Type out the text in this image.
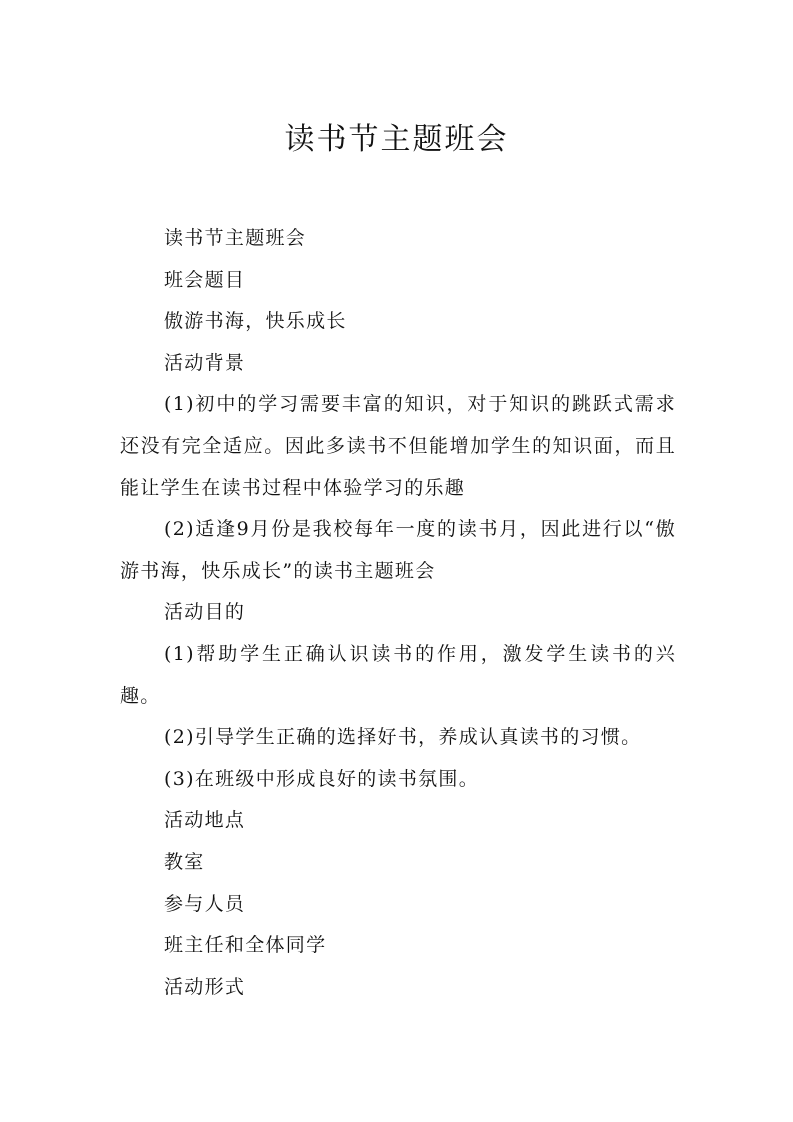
读书节主题班会

读书节主题班会

班会题目

傲游书海，快乐成长

活动背景

(1)初中的学习需要丰富的知识，对于知识的跳跃式需求还没有完全适应。因此多读书不但能增加学生的知识面，而且能让学生在读书过程中体验学习的乐趣

(2)适逢9月份是我校每年一度的读书月，因此进行以“傲游书海，快乐成长”的读书主题班会

活动目的

(1)帮助学生正确认识读书的作用，激发学生读书的兴趣。

(2)引导学生正确的选择好书，养成认真读书的习惯。

(3)在班级中形成良好的读书氛围。

活动地点

教室

参与人员

班主任和全体同学

活动形式
